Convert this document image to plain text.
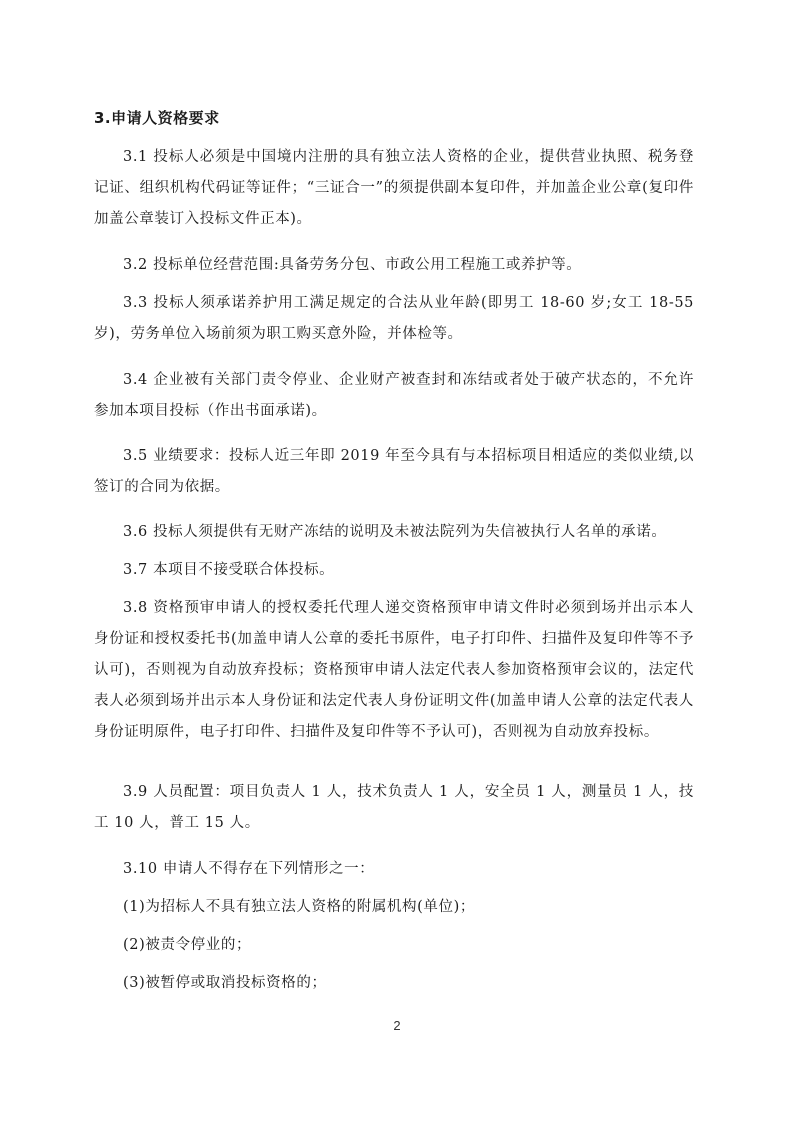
3.申请人资格要求

3.1 投标人必须是中国境内注册的具有独立法人资格的企业，提供营业执照、税务登记证、组织机构代码证等证件；“三证合一”的须提供副本复印件，并加盖企业公章(复印件加盖公章装订入投标文件正本)。

3.2 投标单位经营范围:具备劳务分包、市政公用工程施工或养护等。

3.3 投标人须承诺养护用工满足规定的合法从业年龄(即男工 18-60 岁;女工 18-55 岁)，劳务单位入场前须为职工购买意外险，并体检等。

3.4 企业被有关部门责令停业、企业财产被查封和冻结或者处于破产状态的，不允许参加本项目投标（作出书面承诺)。

3.5 业绩要求：投标人近三年即 2019 年至今具有与本招标项目相适应的类似业绩,以签订的合同为依据。

3.6 投标人须提供有无财产冻结的说明及未被法院列为失信被执行人名单的承诺。

3.7 本项目不接受联合体投标。

3.8 资格预审申请人的授权委托代理人递交资格预审申请文件时必须到场并出示本人身份证和授权委托书(加盖申请人公章的委托书原件，电子打印件、扫描件及复印件等不予认可)，否则视为自动放弃投标；资格预审申请人法定代表人参加资格预审会议的，法定代表人必须到场并出示本人身份证和法定代表人身份证明文件(加盖申请人公章的法定代表人身份证明原件，电子打印件、扫描件及复印件等不予认可)，否则视为自动放弃投标。

3.9 人员配置：项目负责人 1 人，技术负责人 1 人，安全员 1 人，测量员 1 人，技工 10 人，普工 15 人。

3.10 申请人不得存在下列情形之一：

(1)为招标人不具有独立法人资格的附属机构(单位)；

(2)被责令停业的；

(3)被暂停或取消投标资格的；

2
